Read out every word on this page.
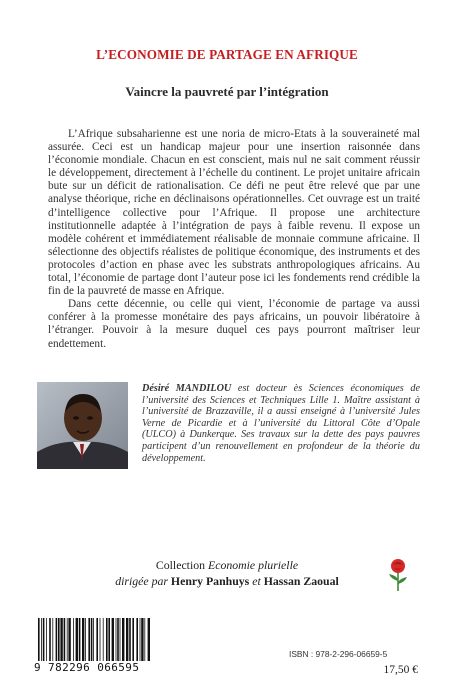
L’ECONOMIE DE PARTAGE EN AFRIQUE
Vaincre la pauvreté par l’intégration

L’Afrique subsaharienne est une noria de micro-Etats à la souveraineté mal assurée. Ceci est un handicap majeur pour une insertion raisonnée dans l’économie mondiale. Chacun en est conscient, mais nul ne sait comment réussir le développement, directement à l’échelle du continent. Le projet unitaire africain bute sur un déficit de rationalisation. Ce défi ne peut être relevé que par une analyse théorique, riche en déclinaisons opérationnelles. Cet ouvrage est un traité d’intelligence collective pour l’Afrique. Il propose une architecture institutionnelle adaptée à l’intégration de pays à faible revenu. Il expose un modèle cohérent et immédiatement réalisable de monnaie commune africaine. Il sélectionne des objectifs réalistes de politique économique, des instruments et des protocoles d’action en phase avec les substrats anthropologiques africains. Au total, l’économie de partage dont l’auteur pose ici les fondements rend crédible la fin de la pauvreté de masse en Afrique.

Dans cette décennie, ou celle qui vient, l’économie de partage va aussi conférer à la promesse monétaire des pays africains, un pouvoir libératoire à l’étranger. Pouvoir à la mesure duquel ces pays pourront maîtriser leur endettement.

Désiré MANDILOU est docteur ès Sciences économiques de l’université des Sciences et Techniques Lille 1. Maître assistant à l’université de Brazzaville, il a aussi enseigné à l’université Jules Verne de Picardie et à l’université du Littoral Côte d’Opale (ULCO) à Dunkerque. Ses travaux sur la dette des pays pauvres participent d’un renouvellement en profondeur de la théorie du développement.

Collection Economie plurielle
dirigée par Henry Panhuys et Hassan Zaoual
9 782296 066595
ISBN : 978-2-296-06659-5
17,50 €
